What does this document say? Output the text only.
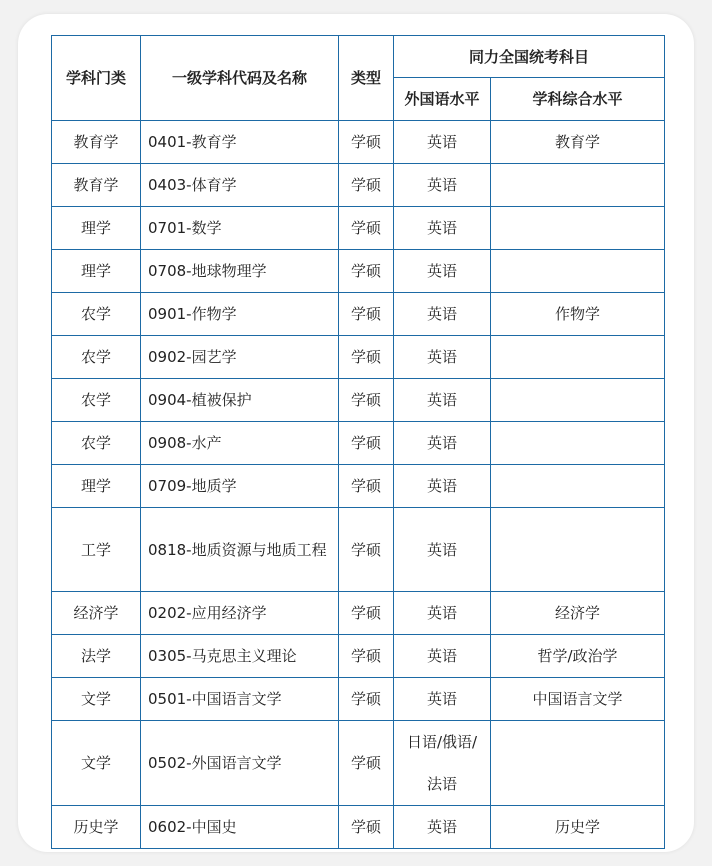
学科门类	一级学科代码及名称	类型	同力全国统考科目	
			外国语水平	学科综合水平
教育学	0401-教育学	学硕	英语	教育学
教育学	0403-体育学	学硕	英语	
理学	0701-数学	学硕	英语	
理学	0708-地球物理学	学硕	英语	
农学	0901-作物学	学硕	英语	作物学
农学	0902-园艺学	学硕	英语	
农学	0904-植被保护	学硕	英语	
农学	0908-水产	学硕	英语	
理学	0709-地质学	学硕	英语	
工学	0818-地质资源与地质工程	学硕	英语	
经济学	0202-应用经济学	学硕	英语	经济学
法学	0305-马克思主义理论	学硕	英语	哲学/政治学
文学	0501-中国语言文学	学硕	英语	中国语言文学
文学	0502-外国语言文学	学硕	日语/俄语/法语	
历史学	0602-中国史	学硕	英语	历史学
